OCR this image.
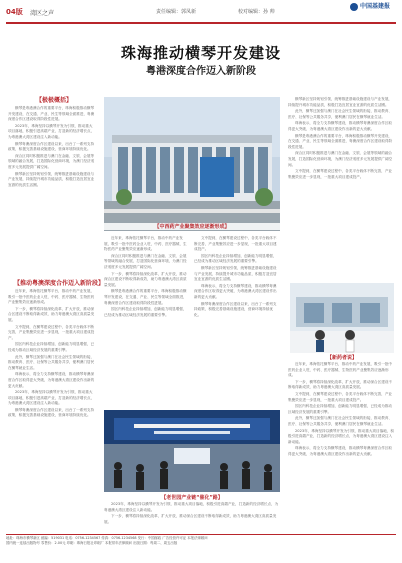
04版 湾区之声	责任编辑：郭凤新	校对编辑：孙 帅
中国基建报
珠海推动横琴开发建设
粤港深度合作迈入新阶段
【极极概括】

横琴是粤港澳合作的重要平台，珠海积极推动横琴开发建设，在交通、产业、民生等领域全面推进，粤澳深度合作区建设取得阶段性进展。

2023年，珠海坚持以横琴开发为引领，推动重大项目落地，积极引进高端产业，打造新的经济增长点，为粤港澳大湾区建设注入新动能。

横琴粤澳深度合作区建设以来，出台了一系列支持政策，积极完善基础设施建设，营商环境持续优化。

深合区同时积极推进与澳门在金融、文旅、会展等领域的融合发展，打造国际化营商环境，为澳门经济适度多元发展提供广阔空间。

横琴新区坚持规划引领，统筹推进基础设施建设与产业发展，持续提升城市功能品质，积极打造宜居宜业宜游的优质生活圈。

【推动粤澳深度合作迈入新阶段】

近年来，珠海依托横琴平台，推动中药产业发展，吸引一批中医药企业入驻，中药、医疗器械、生物医药产业聚集效应逐渐形成。

下一步，横琴将持续深化改革，扩大开放，推动深合区建设不断取得新成效，助力粤港澳大湾区高质量发展。

文中提到，在横琴建设过程中，各类平台载体不断完善，产业集聚效应进一步显现，一批重大项目建成投产。

园区内科技企业持续增加，创新能力明显增强，已经成为推动区域经济发展的重要引擎。

此外，横琴还加强与澳门在社会民生领域的衔接，推动教育、医疗、社保等公共服务共享，便利澳门居民在横琴就业生活。

珠海表示，将全力支持横琴建设，推动横琴粤澳深度合作区取得更大突破，为粤港澳大湾区建设作出新的更大贡献。

2023年，珠海坚持以横琴开发为引领，推动重大项目落地，积极引进高端产业，打造新的经济增长点，为粤港澳大湾区建设注入新动能。

横琴粤澳深度合作区建设以来，出台了一系列支持政策，积极完善基础设施建设，营商环境持续优化。

【中西药产业聚集效应逐渐形成】

近年来，珠海依托横琴平台，推动中药产业发展，吸引一批中医药企业入驻，中药、医疗器械、生物医药产业聚集效应逐渐形成。

深合区同时积极推进与澳门在金融、文旅、会展等领域的融合发展，打造国际化营商环境，为澳门经济适度多元发展提供广阔空间。

下一步，横琴将持续深化改革，扩大开放，推动深合区建设不断取得新成效，助力粤港澳大湾区高质量发展。

横琴是粤港澳合作的重要平台，珠海积极推动横琴开发建设，在交通、产业、民生等领域全面推进，粤澳深度合作区建设取得阶段性进展。

园区内科技企业持续增加，创新能力明显增强，已经成为推动区域经济发展的重要引擎。

文中提到，在横琴建设过程中，各类平台载体不断完善，产业集聚效应进一步显现，一批重大项目建成投产。

园区内科技企业持续增加，创新能力明显增强，已经成为推动区域经济发展的重要引擎。

横琴新区坚持规划引领，统筹推进基础设施建设与产业发展，持续提升城市功能品质，积极打造宜居宜业宜游的优质生活圈。

珠海表示，将全力支持横琴建设，推动横琴粤澳深度合作区取得更大突破，为粤港澳大湾区建设作出新的更大贡献。

横琴粤澳深度合作区建设以来，出台了一系列支持政策，积极完善基础设施建设，营商环境持续优化。

横琴新区坚持规划引领，统筹推进基础设施建设与产业发展，持续提升城市功能品质，积极打造宜居宜业宜游的优质生活圈。

此外，横琴还加强与澳门在社会民生领域的衔接，推动教育、医疗、社保等公共服务共享，便利澳门居民在横琴就业生活。

珠海表示，将全力支持横琴建设，推动横琴粤澳深度合作区取得更大突破，为粤港澳大湾区建设作出新的更大贡献。

横琴是粤港澳合作的重要平台，珠海积极推动横琴开发建设，在交通、产业、民生等领域全面推进，粤澳深度合作区建设取得阶段性进展。

深合区同时积极推进与澳门在金融、文旅、会展等领域的融合发展，打造国际化营商环境，为澳门经济适度多元发展提供广阔空间。

文中提到，在横琴建设过程中，各类平台载体不断完善，产业集聚效应进一步显现，一批重大项目建成投产。

【新药者说】

近年来，珠海依托横琴平台，推动中药产业发展，吸引一批中医药企业入驻，中药、医疗器械、生物医药产业聚集效应逐渐形成。

下一步，横琴将持续深化改革，扩大开放，推动深合区建设不断取得新成效，助力粤港澳大湾区高质量发展。

文中提到，在横琴建设过程中，各类平台载体不断完善，产业集聚效应进一步显现，一批重大项目建成投产。

园区内科技企业持续增加，创新能力明显增强，已经成为推动区域经济发展的重要引擎。

此外，横琴还加强与澳门在社会民生领域的衔接，推动教育、医疗、社保等公共服务共享，便利澳门居民在横琴就业生活。

2023年，珠海坚持以横琴开发为引领，推动重大项目落地，积极引进高端产业，打造新的经济增长点，为粤港澳大湾区建设注入新动能。

珠海表示，将全力支持横琴建设，推动横琴粤澳深度合作区取得更大突破，为粤港澳大湾区建设作出新的更大贡献。

【老世园产业链“催化”路】

2023年，珠海坚持以横琴开发为引领，推动重大项目落地，积极引进高端产业，打造新的经济增长点，为粤港澳大湾区建设注入新动能。

下一步，横琴将持续深化改革，扩大开放，推动深合区建设不断取得新成效，助力粤港澳大湾区高质量发展。

地址：珠海市横琴新区 邮编：519031 电话：0756-1234567 传真：0756-1234568 发行：中国邮政 广告经营许可证 本报法律顾问
国内统一连续出版物号 零售价：2.00元 印刷：珠海日报社印刷厂 本报常年法律顾问 出版日期：每周二、周五出版
